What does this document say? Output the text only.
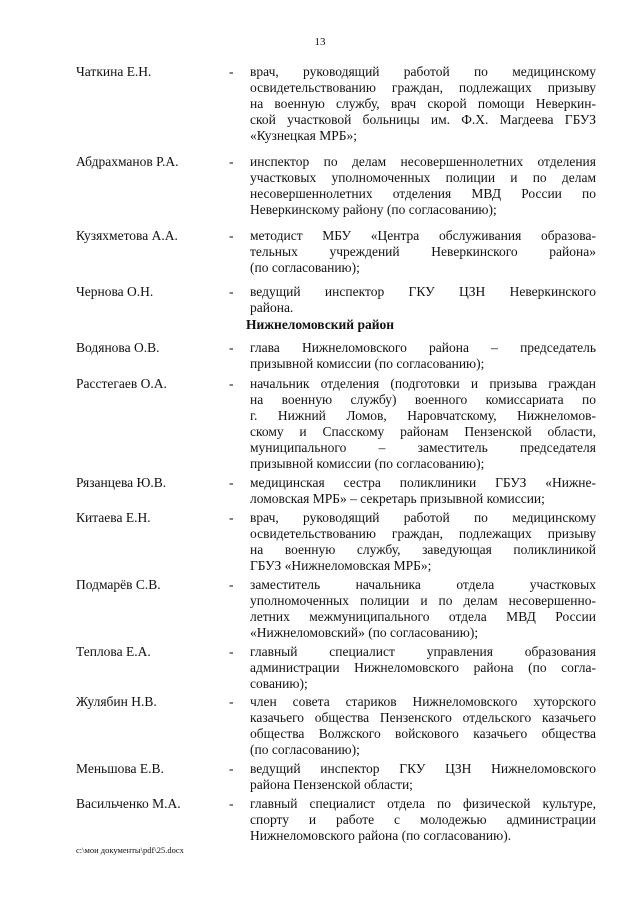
13
Чаткина Е.Н.	- врач, руководящий работой по медицинскому
освидетельствованию граждан, подлежащих призыву
на военную службу, врач скорой помощи Неверкин-
ской участковой больницы им. Ф.Х. Магдеева ГБУЗ
«Кузнецкая МРБ»;
Абдрахманов Р.А.	- инспектор по делам несовершеннолетних отделения
участковых уполномоченных полиции и по делам
несовершеннолетних отделения МВД России по
Неверкинскому району (по согласованию);
Кузяхметова А.А.	- методист МБУ «Центра обслуживания образова-
тельных учреждений Неверкинского района»
(по согласованию);
Чернова О.Н.	- ведущий инспектор ГКУ ЦЗН Неверкинского
района.
Нижнеломовский район
Водянова О.В.	- глава Нижнеломовского района – председатель
призывной комиссии (по согласованию);
Расстегаев О.А.	- начальник отделения (подготовки и призыва граждан
на военную службу) военного комиссариата по
г. Нижний Ломов, Наровчатскому, Нижнеломов-
скому и Спасскому районам Пензенской области,
муниципального – заместитель председателя
призывной комиссии (по согласованию);
Рязанцева Ю.В.	- медицинская сестра поликлиники ГБУЗ «Нижне-
ломовская МРБ» – секретарь призывной комиссии;
Китаева Е.Н.	- врач, руководящий работой по медицинскому
освидетельствованию граждан, подлежащих призыву
на военную службу, заведующая поликлиникой
ГБУЗ «Нижнеломовская МРБ»;
Подмарёв С.В.	- заместитель начальника отдела участковых
уполномоченных полиции и по делам несовершенно-
летних межмуниципального отдела МВД России
«Нижнеломовский» (по согласованию);
Теплова Е.А.	- главный специалист управления образования
администрации Нижнеломовского района (по согла-
сованию);
Жулябин Н.В.	- член совета стариков Нижнеломовского хуторского
казачьего общества Пензенского отдельского казачьего
общества Волжского войскового казачьего общества
(по согласованию);
Меньшова Е.В.	- ведущий инспектор ГКУ ЦЗН Нижнеломовского
района Пензенской области;
Васильченко М.А.	- главный специалист отдела по физической культуре,
спорту и работе с молодежью администрации
Нижнеломовского района (по согласованию).
c:\мои документы\pdf\25.docx
